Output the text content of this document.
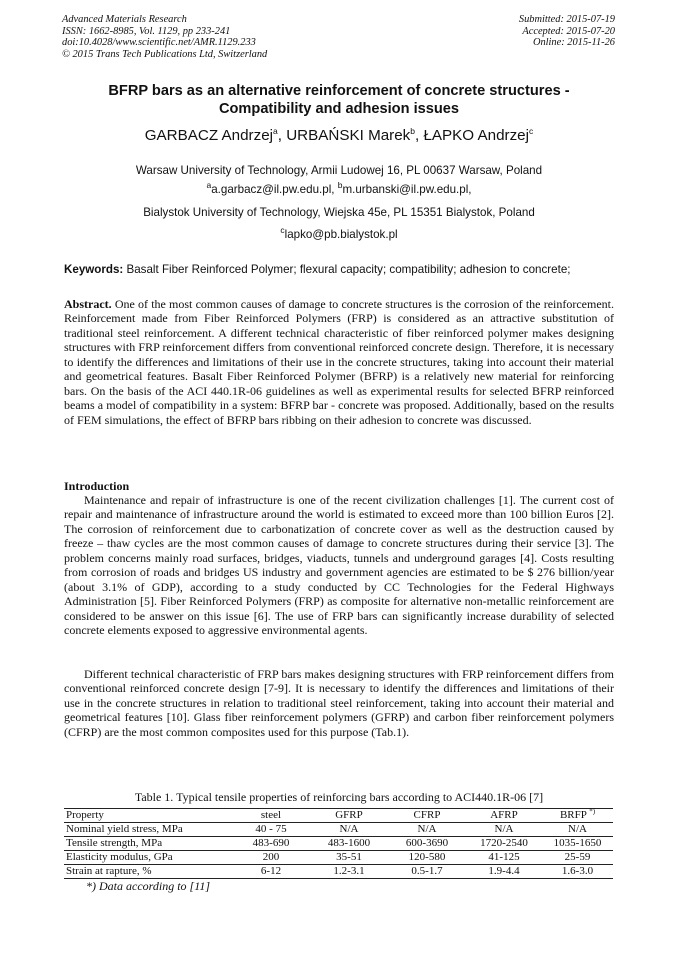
Advanced Materials Research
ISSN: 1662-8985, Vol. 1129, pp 233-241
doi:10.4028/www.scientific.net/AMR.1129.233
© 2015 Trans Tech Publications Ltd, Switzerland
Submitted: 2015-07-19
Accepted: 2015-07-20
Online: 2015-11-26
BFRP bars as an alternative reinforcement of concrete structures -
Compatibility and adhesion issues
GARBACZ Andrzej$^a$, URBAŃSKI Marek$^b$, ŁAPKO Andrzej$^c$
Warsaw University of Technology, Armii Ludowej 16, PL 00637 Warsaw, Poland
$^a$a.garbacz@il.pw.edu.pl, $^b$m.urbanski@il.pw.edu.pl,
Bialystok University of Technology, Wiejska 45e, PL 15351 Bialystok, Poland
$^c$lapko@pb.bialystok.pl
Keywords: Basalt Fiber Reinforced Polymer; flexural capacity; compatibility; adhesion to concrete;
Abstract. One of the most common causes of damage to concrete structures is the corrosion of the reinforcement. Reinforcement made from Fiber Reinforced Polymers (FRP) is considered as an attractive substitution of traditional steel reinforcement. A different technical characteristic of fiber reinforced polymer makes designing structures with FRP reinforcement differs from conventional reinforced concrete design. Therefore, it is necessary to identify the differences and limitations of their use in the concrete structures, taking into account their material and geometrical features. Basalt Fiber Reinforced Polymer (BFRP) is a relatively new material for reinforcing bars. On the basis of the ACI 440.1R-06 guidelines as well as experimental results for selected BFRP reinforced beams a model of compatibility in a system: BFRP bar - concrete was proposed. Additionally, based on the results of FEM simulations, the effect of BFRP bars ribbing on their adhesion to concrete was discussed.
Introduction
Maintenance and repair of infrastructure is one of the recent civilization challenges [1]. The current cost of repair and maintenance of infrastructure around the world is estimated to exceed more than 100 billion Euros [2]. The corrosion of reinforcement due to carbonatization of concrete cover as well as the destruction caused by freeze – thaw cycles are the most common causes of damage to concrete structures during their service [3]. The problem concerns mainly road surfaces, bridges, viaducts, tunnels and underground garages [4]. Costs resulting from corrosion of roads and bridges US industry and government agencies are estimated to be $ 276 billion/year (about 3.1% of GDP), according to a study conducted by CC Technologies for the Federal Highways Administration [5]. Fiber Reinforced Polymers (FRP) as composite for alternative non-metallic reinforcement are considered to be answer on this issue [6]. The use of FRP bars can significantly increase durability of selected concrete elements exposed to aggressive environmental agents.
Different technical characteristic of FRP bars makes designing structures with FRP reinforcement differs from conventional reinforced concrete design [7-9]. It is necessary to identify the differences and limitations of their use in the concrete structures in relation to traditional steel reinforcement, taking into account their material and geometrical features [10]. Glass fiber reinforcement polymers (GFRP) and carbon fiber reinforcement polymers (CFRP) are the most common composites used for this purpose (Tab.1).
Table 1. Typical tensile properties of reinforcing bars according to ACI440.1R-06 [7]
Property	steel	GFRP	CFRP	AFRP	BRFP *)
Nominal yield stress, MPa	40 - 75	N/A	N/A	N/A	N/A
Tensile strength, MPa	483-690	483-1600	600-3690	1720-2540	1035-1650
Elasticity modulus, GPa	200	35-51	120-580	41-125	25-59
Strain at rapture, %	6-12	1.2-3.1	0.5-1.7	1.9-4.4	1.6-3.0
*) Data according to [11]
